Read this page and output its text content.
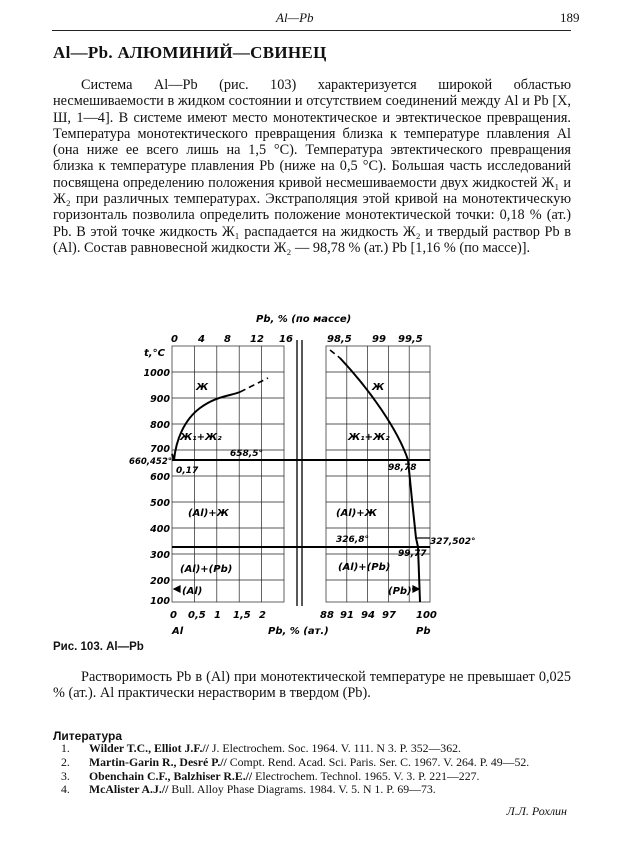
Al—Pb	189
Al—Pb. АЛЮМИНИЙ—СВИНЕЦ

Система Al—Pb (рис. 103) характеризуется широкой областью несмешиваемости в жидком состоянии и отсутствием соединений между Al и Pb [X, Ш, 1—4]. В системе имеют место монотектическое и эвтектическое превращения. Температура монотектического превращения близка к температуре плавления Al (она ниже ее всего лишь на 1,5 °C). Температура эвтектического превращения близка к температуре плавления Pb (ниже на 0,5 °C). Большая часть исследований посвящена определению положения кривой несмешиваемости двух жидкостей Ж₁ и Ж₂ при различных температурах. Экстраполяция этой кривой на монотектическую горизонталь позволила определить положение монотектической точки: 0,18 % (ат.) Pb. В этой точке жидкость Ж₁ распадается на жидкость Ж₂ и твердый раствор Pb в (Al). Состав равновесной жидкости Ж₂ — 98,78 % (ат.) Pb [1,16 % (по массе)].

Pb, % (по массе)
0 4 8 12 16	98,5 99 99,5
t,°C
1000
900
800
700
600
500
400
300
200
100
660,452°
Ж	Ж
Ж₁+Ж₂	Ж₁+Ж₂
(Al)+Ж	(Al)+Ж
(Al)+(Pb)	(Al)+(Pb)
(Al)	(Pb)
658,5°
326,8°	327,502°
0,17	98,78
99,77
0 0,5 1 1,5 2	88 91 94 97 100
Al	Pb, % (ат.)	Pb
Рис. 103. Al—Pb

Растворимость Pb в (Al) при монотектической температуре не превышает 0,025 % (ат.). Al практически нерастворим в твердом (Pb).

Литература
1. Wilder T.C., Elliot J.F.// J. Electrochem. Soc. 1964. V. 111. N 3. P. 352—362.
2. Martin-Garin R., Desré P.// Compt. Rend. Acad. Sci. Paris. Ser. C. 1967. V. 264. P. 49—52.
3. Obenchain C.F., Balzhiser R.E.// Electrochem. Technol. 1965. V. 3. P. 221—227.
4. McAlister A.J.// Bull. Alloy Phase Diagrams. 1984. V. 5. N 1. P. 69—73.
Л.Л. Рохлин
